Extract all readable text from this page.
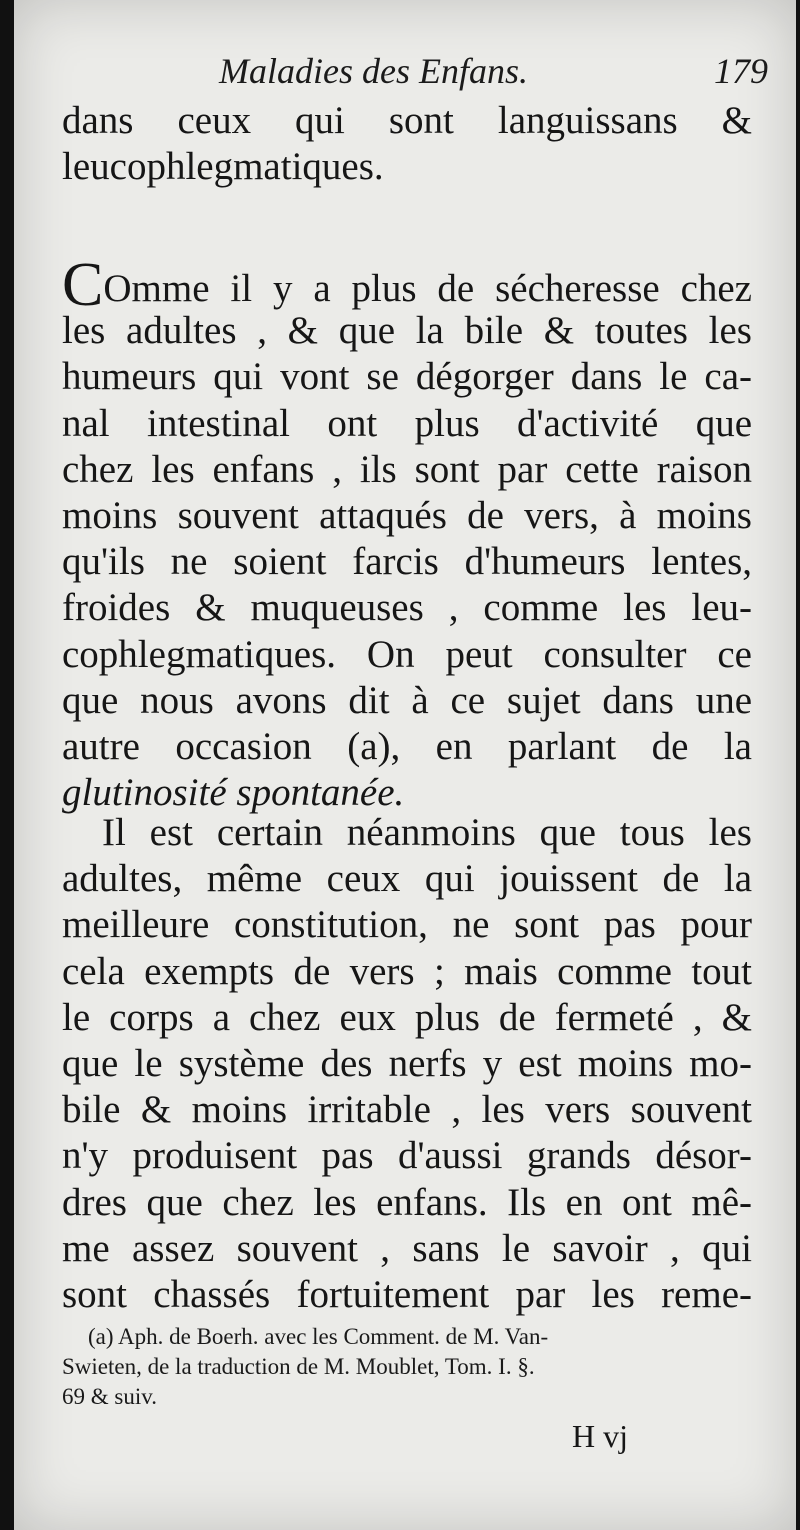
Maladies des Enfans.	179
dans ceux qui sont languissans &
leucophlegmatiques.
COmme il y a plus de sécheresse chez
les adultes , & que la bile & toutes les
humeurs qui vont se dégorger dans le ca-
nal intestinal ont plus d'activité que
chez les enfans , ils sont par cette raison
moins souvent attaqués de vers, à moins
qu'ils ne soient farcis d'humeurs lentes,
froides & muqueuses , comme les leu-
cophlegmatiques. On peut consulter ce
que nous avons dit à ce sujet dans une
autre occasion (a), en parlant de la
glutinosité spontanée.
Il est certain néanmoins que tous les
adultes, même ceux qui jouissent de la
meilleure constitution, ne sont pas pour
cela exempts de vers ; mais comme tout
le corps a chez eux plus de fermeté , &
que le système des nerfs y est moins mo-
bile & moins irritable , les vers souvent
n'y produisent pas d'aussi grands désor-
dres que chez les enfans. Ils en ont mê-
me assez souvent , sans le savoir , qui
sont chassés fortuitement par les reme-
(a) Aph. de Boerh. avec les Comment. de M. Van-
Swieten, de la traduction de M. Moublet, Tom. I. §.
69 & suiv.
H vj
